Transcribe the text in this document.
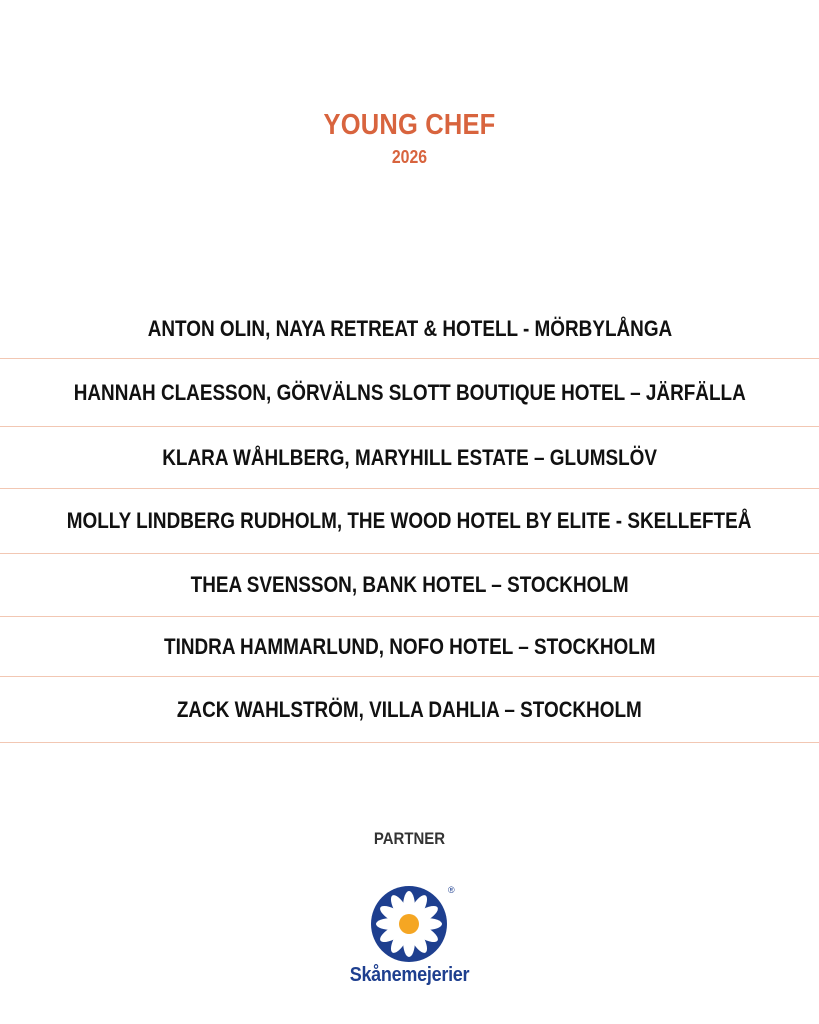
YOUNG CHEF
2026
ANTON OLIN, NAYA RETREAT & HOTELL - MÖRBYLÅNGA
HANNAH CLAESSON, GÖRVÄLNS SLOTT BOUTIQUE HOTEL – JÄRFÄLLA
KLARA WÅHLBERG, MARYHILL ESTATE – GLUMSLÖV
MOLLY LINDBERG RUDHOLM, THE WOOD HOTEL BY ELITE - SKELLEFTEÅ
THEA SVENSSON, BANK HOTEL – STOCKHOLM
TINDRA HAMMARLUND, NOFO HOTEL – STOCKHOLM
ZACK WAHLSTRÖM, VILLA DAHLIA – STOCKHOLM
PARTNER
®
Skånemejerier
